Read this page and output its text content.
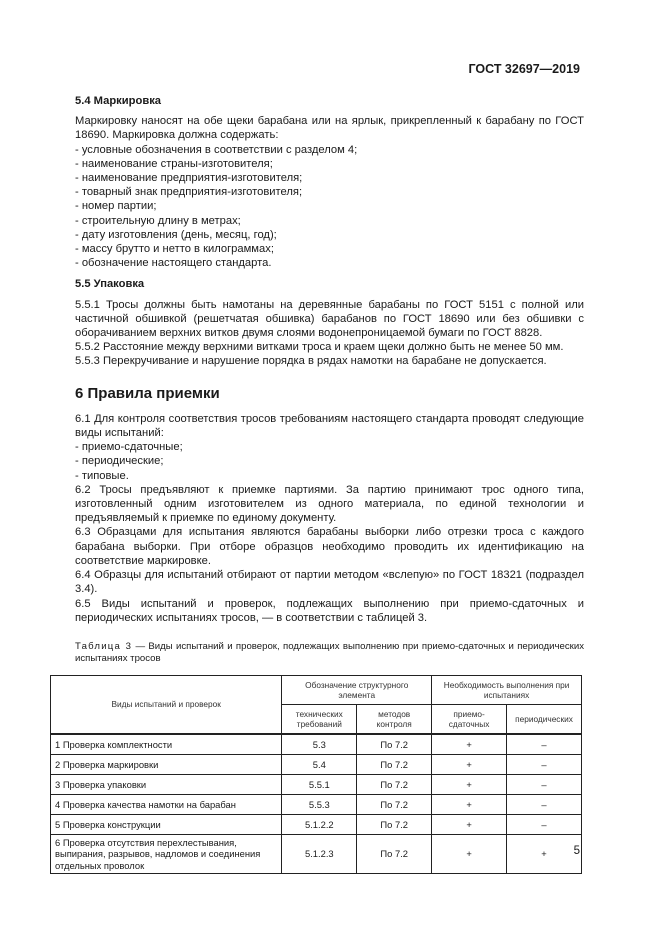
ГОСТ 32697—2019
5.4 Маркировка

Маркировку наносят на обе щеки барабана или на ярлык, прикрепленный к барабану по ГОСТ 18690. Маркировка должна содержать:

- условные обозначения в соответствии с разделом 4;
- наименование страны-изготовителя;
- наименование предприятия-изготовителя;
- товарный знак предприятия-изготовителя;
- номер партии;
- строительную длину в метрах;
- дату изготовления (день, месяц, год);
- массу брутто и нетто в килограммах;
- обозначение настоящего стандарта.
5.5 Упаковка

5.5.1 Тросы должны быть намотаны на деревянные барабаны по ГОСТ 5151 с полной или частичной обшивкой (решетчатая обшивка) барабанов по ГОСТ 18690 или без обшивки с оборачиванием верхних витков двумя слоями водонепроницаемой бумаги по ГОСТ 8828.

5.5.2 Расстояние между верхними витками троса и краем щеки должно быть не менее 50 мм.

5.5.3 Перекручивание и нарушение порядка в рядах намотки на барабане не допускается.

6 Правила приемки

6.1 Для контроля соответствия тросов требованиям настоящего стандарта проводят следующие виды испытаний:

- приемо-сдаточные;
- периодические;
- типовые.

6.2 Тросы предъявляют к приемке партиями. За партию принимают трос одного типа, изготовленный одним изготовителем из одного материала, по единой технологии и предъявляемый к приемке по единому документу.

6.3 Образцами для испытания являются барабаны выборки либо отрезки троса с каждого барабана выборки. При отборе образцов необходимо проводить их идентификацию на соответствие маркировке.

6.4 Образцы для испытаний отбирают от партии методом «вслепую» по ГОСТ 18321 (подраздел 3.4).

6.5 Виды испытаний и проверок, подлежащих выполнению при приемо-сдаточных и периодических испытаниях тросов, — в соответствии с таблицей 3.

Таблица 3 — Виды испытаний и проверок, подлежащих выполнению при приемо-сдаточных и периодических испытаниях тросов
Виды испытаний и проверок	Обозначение структурного элемента		Необходимость выполнения при испытаниях	
	технических требований	методов контроля	приемо-сдаточных	периодических
1 Проверка комплектности	5.3	По 7.2	+	–
2 Проверка маркировки	5.4	По 7.2	+	–
3 Проверка упаковки	5.5.1	По 7.2	+	–
4 Проверка качества намотки на барабан	5.5.3	По 7.2	+	–
5 Проверка конструкции	5.1.2.2	По 7.2	+	–
6 Проверка отсутствия перехлестывания, выпирания, разрывов, надломов и соединения отдельных проволок	5.1.2.3	По 7.2	+	+ 5
